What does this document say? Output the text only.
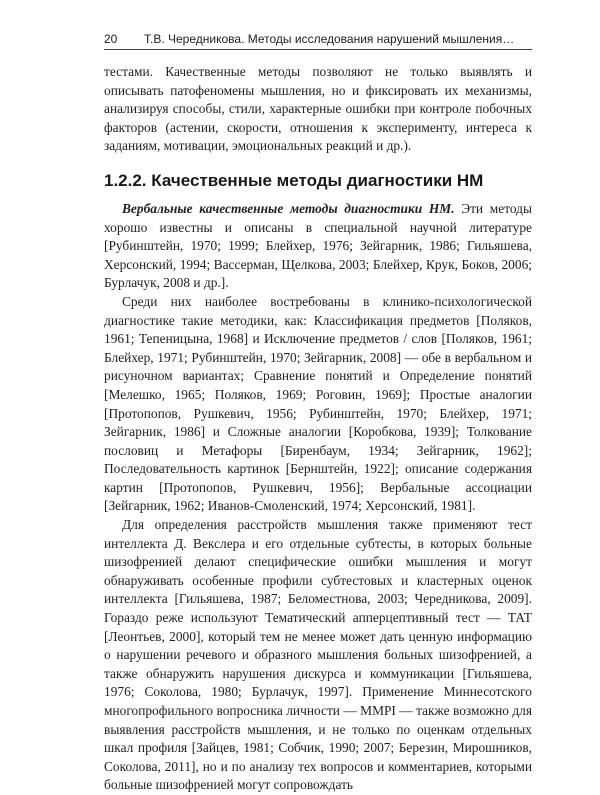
20	Т.В. Чередникова. Методы исследования нарушений мышления…

тестами. Качественные методы позволяют не только выявлять и описывать патофеномены мышления, но и фиксировать их механизмы, анализируя способы, стили, характерные ошибки при контроле побочных факторов (астении, скорости, отношения к эксперименту, интереса к заданиям, мотивации, эмоциональных реакций и др.).

1.2.2. Качественные методы диагностики НМ

Вербальные качественные методы диагностики НМ. Эти методы хорошо известны и описаны в специальной научной литературе [Рубинштейн, 1970; 1999; Блейхер, 1976; Зейгарник, 1986; Гильяшева, Херсонский, 1994; Вассерман, Щелкова, 2003; Блейхер, Крук, Боков, 2006; Бурлачук, 2008 и др.].

Среди них наиболее востребованы в клинико-психологической диагностике такие методики, как: Классификация предметов [Поляков, 1961; Тепеницына, 1968] и Исключение предметов / слов [Поляков, 1961; Блейхер, 1971; Рубинштейн, 1970; Зейгарник, 2008] — обе в вербальном и рисуночном вариантах; Сравнение понятий и Определение понятий [Мелешко, 1965; Поляков, 1969; Роговин, 1969]; Простые аналогии [Протопопов, Рушкевич, 1956; Рубинштейн, 1970; Блейхер, 1971; Зейгарник, 1986] и Сложные аналогии [Коробкова, 1939]; Толкование пословиц и Метафоры [Биренбаум, 1934; Зейгарник, 1962]; Последовательность картинок [Бернштейн, 1922]; описание содержания картин [Протопопов, Рушкевич, 1956]; Вербальные ассоциации [Зейгарник, 1962; Иванов-Смоленский, 1974; Херсонский, 1981].

Для определения расстройств мышления также применяют тест интеллекта Д. Векслера и его отдельные субтесты, в которых больные шизофренией делают специфические ошибки мышления и могут обнаруживать особенные профили субтестовых и кластерных оценок интеллекта [Гильяшева, 1987; Беломестнова, 2003; Чередникова, 2009]. Гораздо реже используют Тематический апперцептивный тест — ТАТ [Леонтьев, 2000], который тем не менее может дать ценную информацию о нарушении речевого и образного мышления больных шизофренией, а также обнаружить нарушения дискурса и коммуникации [Гильяшева, 1976; Соколова, 1980; Бурлачук, 1997]. Применение Миннесотского многопрофильного вопросника личности — MMPI — также возможно для выявления расстройств мышления, и не только по оценкам отдельных шкал профиля [Зайцев, 1981; Собчик, 1990; 2007; Березин, Мирошников, Соколова, 2011], но и по анализу тех вопросов и комментариев, которыми больные шизофренией могут сопровождать
